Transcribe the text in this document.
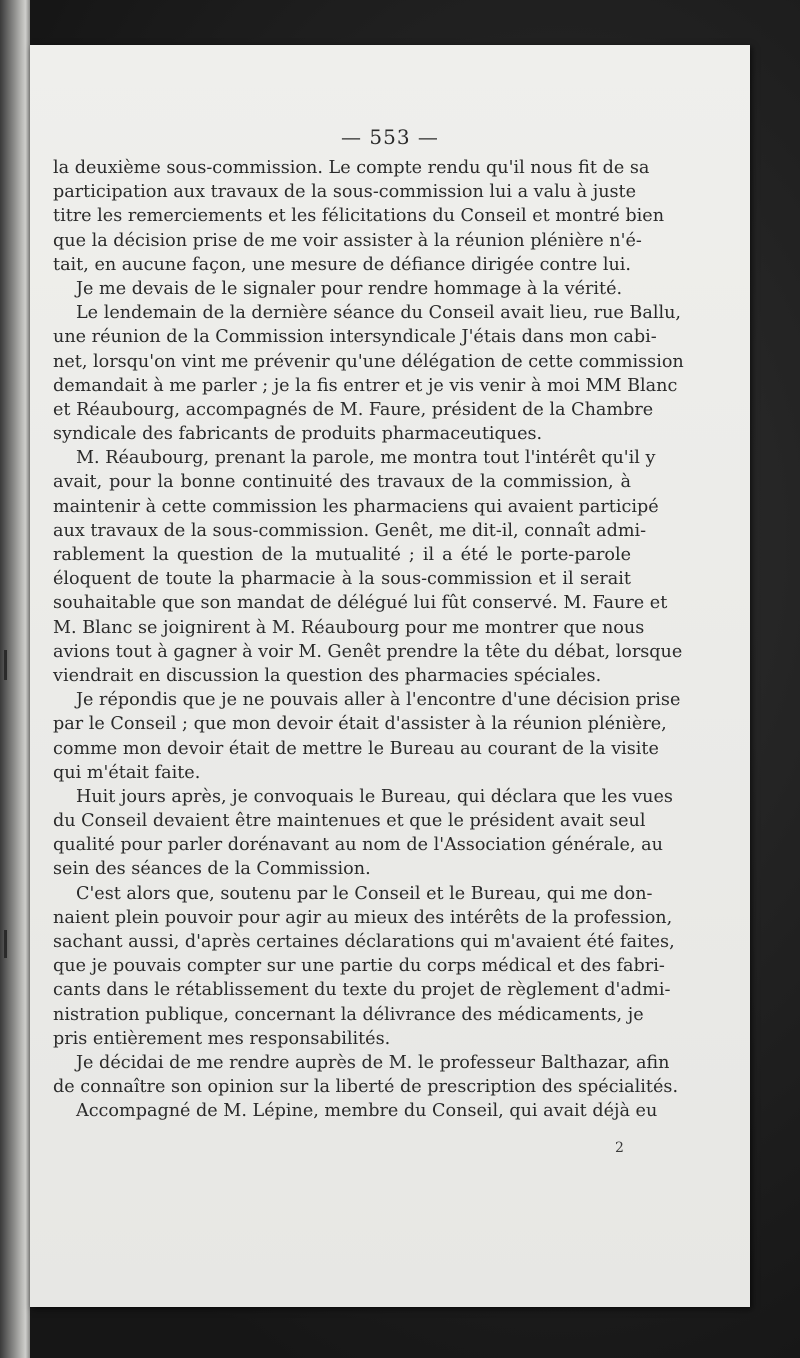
— 553 —
la deuxième sous-commission. Le compte rendu qu'il nous fit de sa
participation aux travaux de la sous-commission lui a valu à juste
titre les remerciements et les félicitations du Conseil et montré bien
que la décision prise de me voir assister à la réunion plénière n'é-
tait, en aucune façon, une mesure de défiance dirigée contre lui.
Je me devais de le signaler pour rendre hommage à la vérité.
Le lendemain de la dernière séance du Conseil avait lieu, rue Ballu,
une réunion de la Commission intersyndicale J'étais dans mon cabi-
net, lorsqu'on vint me prévenir qu'une délégation de cette commission
demandait à me parler ; je la fis entrer et je vis venir à moi MM Blanc
et Réaubourg, accompagnés de M. Faure, président de la Chambre
syndicale des fabricants de produits pharmaceutiques.
M. Réaubourg, prenant la parole, me montra tout l'intérêt qu'il y
avait, pour la bonne continuité des travaux de la commission, à
maintenir à cette commission les pharmaciens qui avaient participé
aux travaux de la sous-commission. Genêt, me dit-il, connaît admi-
rablement la question de la mutualité ; il a été le porte-parole
éloquent de toute la pharmacie à la sous-commission et il serait
souhaitable que son mandat de délégué lui fût conservé. M. Faure et
M. Blanc se joignirent à M. Réaubourg pour me montrer que nous
avions tout à gagner à voir M. Genêt prendre la tête du débat, lorsque
viendrait en discussion la question des pharmacies spéciales.
Je répondis que je ne pouvais aller à l'encontre d'une décision prise
par le Conseil ; que mon devoir était d'assister à la réunion plénière,
comme mon devoir était de mettre le Bureau au courant de la visite
qui m'était faite.
Huit jours après, je convoquais le Bureau, qui déclara que les vues
du Conseil devaient être maintenues et que le président avait seul
qualité pour parler dorénavant au nom de l'Association générale, au
sein des séances de la Commission.
C'est alors que, soutenu par le Conseil et le Bureau, qui me don-
naient plein pouvoir pour agir au mieux des intérêts de la profession,
sachant aussi, d'après certaines déclarations qui m'avaient été faites,
que je pouvais compter sur une partie du corps médical et des fabri-
cants dans le rétablissement du texte du projet de règlement d'admi-
nistration publique, concernant la délivrance des médicaments, je
pris entièrement mes responsabilités.
Je décidai de me rendre auprès de M. le professeur Balthazar, afin
de connaître son opinion sur la liberté de prescription des spécialités.
Accompagné de M. Lépine, membre du Conseil, qui avait déjà eu
2
